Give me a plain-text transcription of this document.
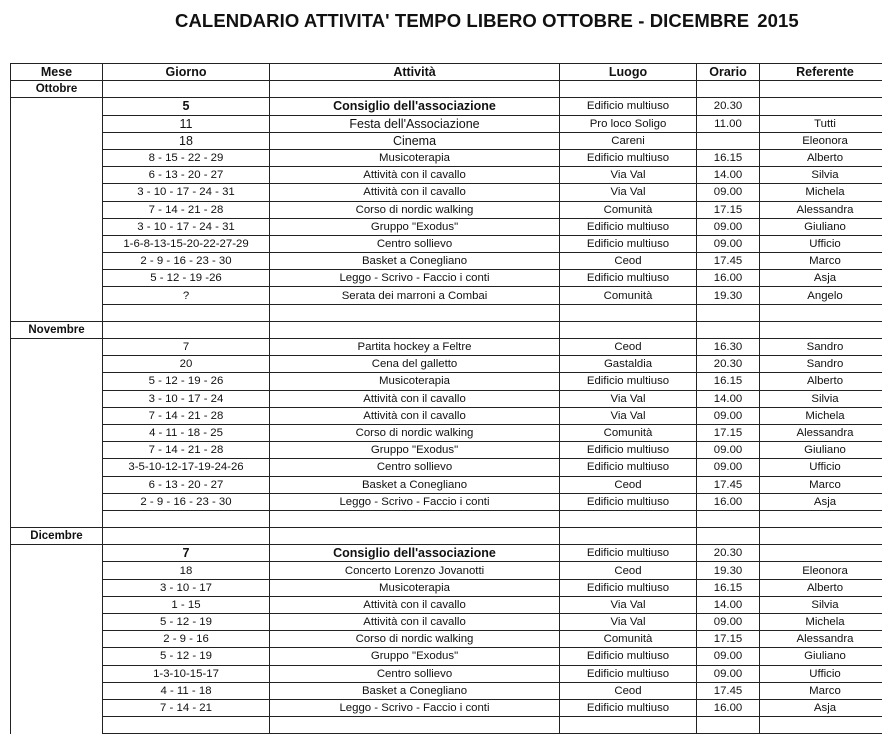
CALENDARIO ATTIVITA' TEMPO LIBERO OTTOBRE - DICEMBRE 2015
Mese	Giorno	Attività	Luogo	Orario	Referente
Ottobre					
	5	Consiglio dell'associazione	Edificio multiuso	20.30	
	11	Festa dell'Associazione	Pro loco Soligo	11.00	Tutti
	18	Cinema	Careni		Eleonora
	8 - 15 - 22 - 29	Musicoterapia	Edificio multiuso	16.15	Alberto
	6 - 13 - 20 - 27	Attività con il cavallo	Via Val	14.00	Silvia
	3 - 10 - 17 - 24 - 31	Attività con il cavallo	Via Val	09.00	Michela
	7 - 14 - 21 - 28	Corso di nordic walking	Comunità	17.15	Alessandra
	3 - 10 - 17 - 24 - 31	Gruppo "Exodus"	Edificio multiuso	09.00	Giuliano
	1-6-8-13-15-20-22-27-29	Centro sollievo	Edificio multiuso	09.00	Ufficio
	2 - 9 - 16 - 23 - 30	Basket a Conegliano	Ceod	17.45	Marco
	5 - 12 - 19 -26	Leggo - Scrivo - Faccio i conti	Edificio multiuso	16.00	Asja
	?	Serata dei marroni a Combai	Comunità	19.30	Angelo

Novembre					
	7	Partita hockey a Feltre	Ceod	16.30	Sandro
	20	Cena del galletto	Gastaldia	20.30	Sandro
	5 - 12 - 19 - 26	Musicoterapia	Edificio multiuso	16.15	Alberto
	3 - 10 - 17 - 24	Attività con il cavallo	Via Val	14.00	Silvia
	7 - 14 - 21 - 28	Attività con il cavallo	Via Val	09.00	Michela
	4 - 11 - 18 - 25	Corso di nordic walking	Comunità	17.15	Alessandra
	7 - 14 - 21 - 28	Gruppo "Exodus"	Edificio multiuso	09.00	Giuliano
	3-5-10-12-17-19-24-26	Centro sollievo	Edificio multiuso	09.00	Ufficio
	6 - 13 - 20 - 27	Basket a Conegliano	Ceod	17.45	Marco
	2 - 9 - 16 - 23 - 30	Leggo - Scrivo - Faccio i conti	Edificio multiuso	16.00	Asja

Dicembre					
	7	Consiglio dell'associazione	Edificio multiuso	20.30	
	18	Concerto Lorenzo Jovanotti	Ceod	19.30	Eleonora
	3 - 10 - 17	Musicoterapia	Edificio multiuso	16.15	Alberto
	1 - 15	Attività con il cavallo	Via Val	14.00	Silvia
	5 - 12 - 19	Attività con il cavallo	Via Val	09.00	Michela
	2 - 9 - 16	Corso di nordic walking	Comunità	17.15	Alessandra
	5 - 12 - 19	Gruppo "Exodus"	Edificio multiuso	09.00	Giuliano
	1-3-10-15-17	Centro sollievo	Edificio multiuso	09.00	Ufficio
	4 - 11 - 18	Basket a Conegliano	Ceod	17.45	Marco
	7 - 14 - 21	Leggo - Scrivo - Faccio i conti	Edificio multiuso	16.00	Asja
